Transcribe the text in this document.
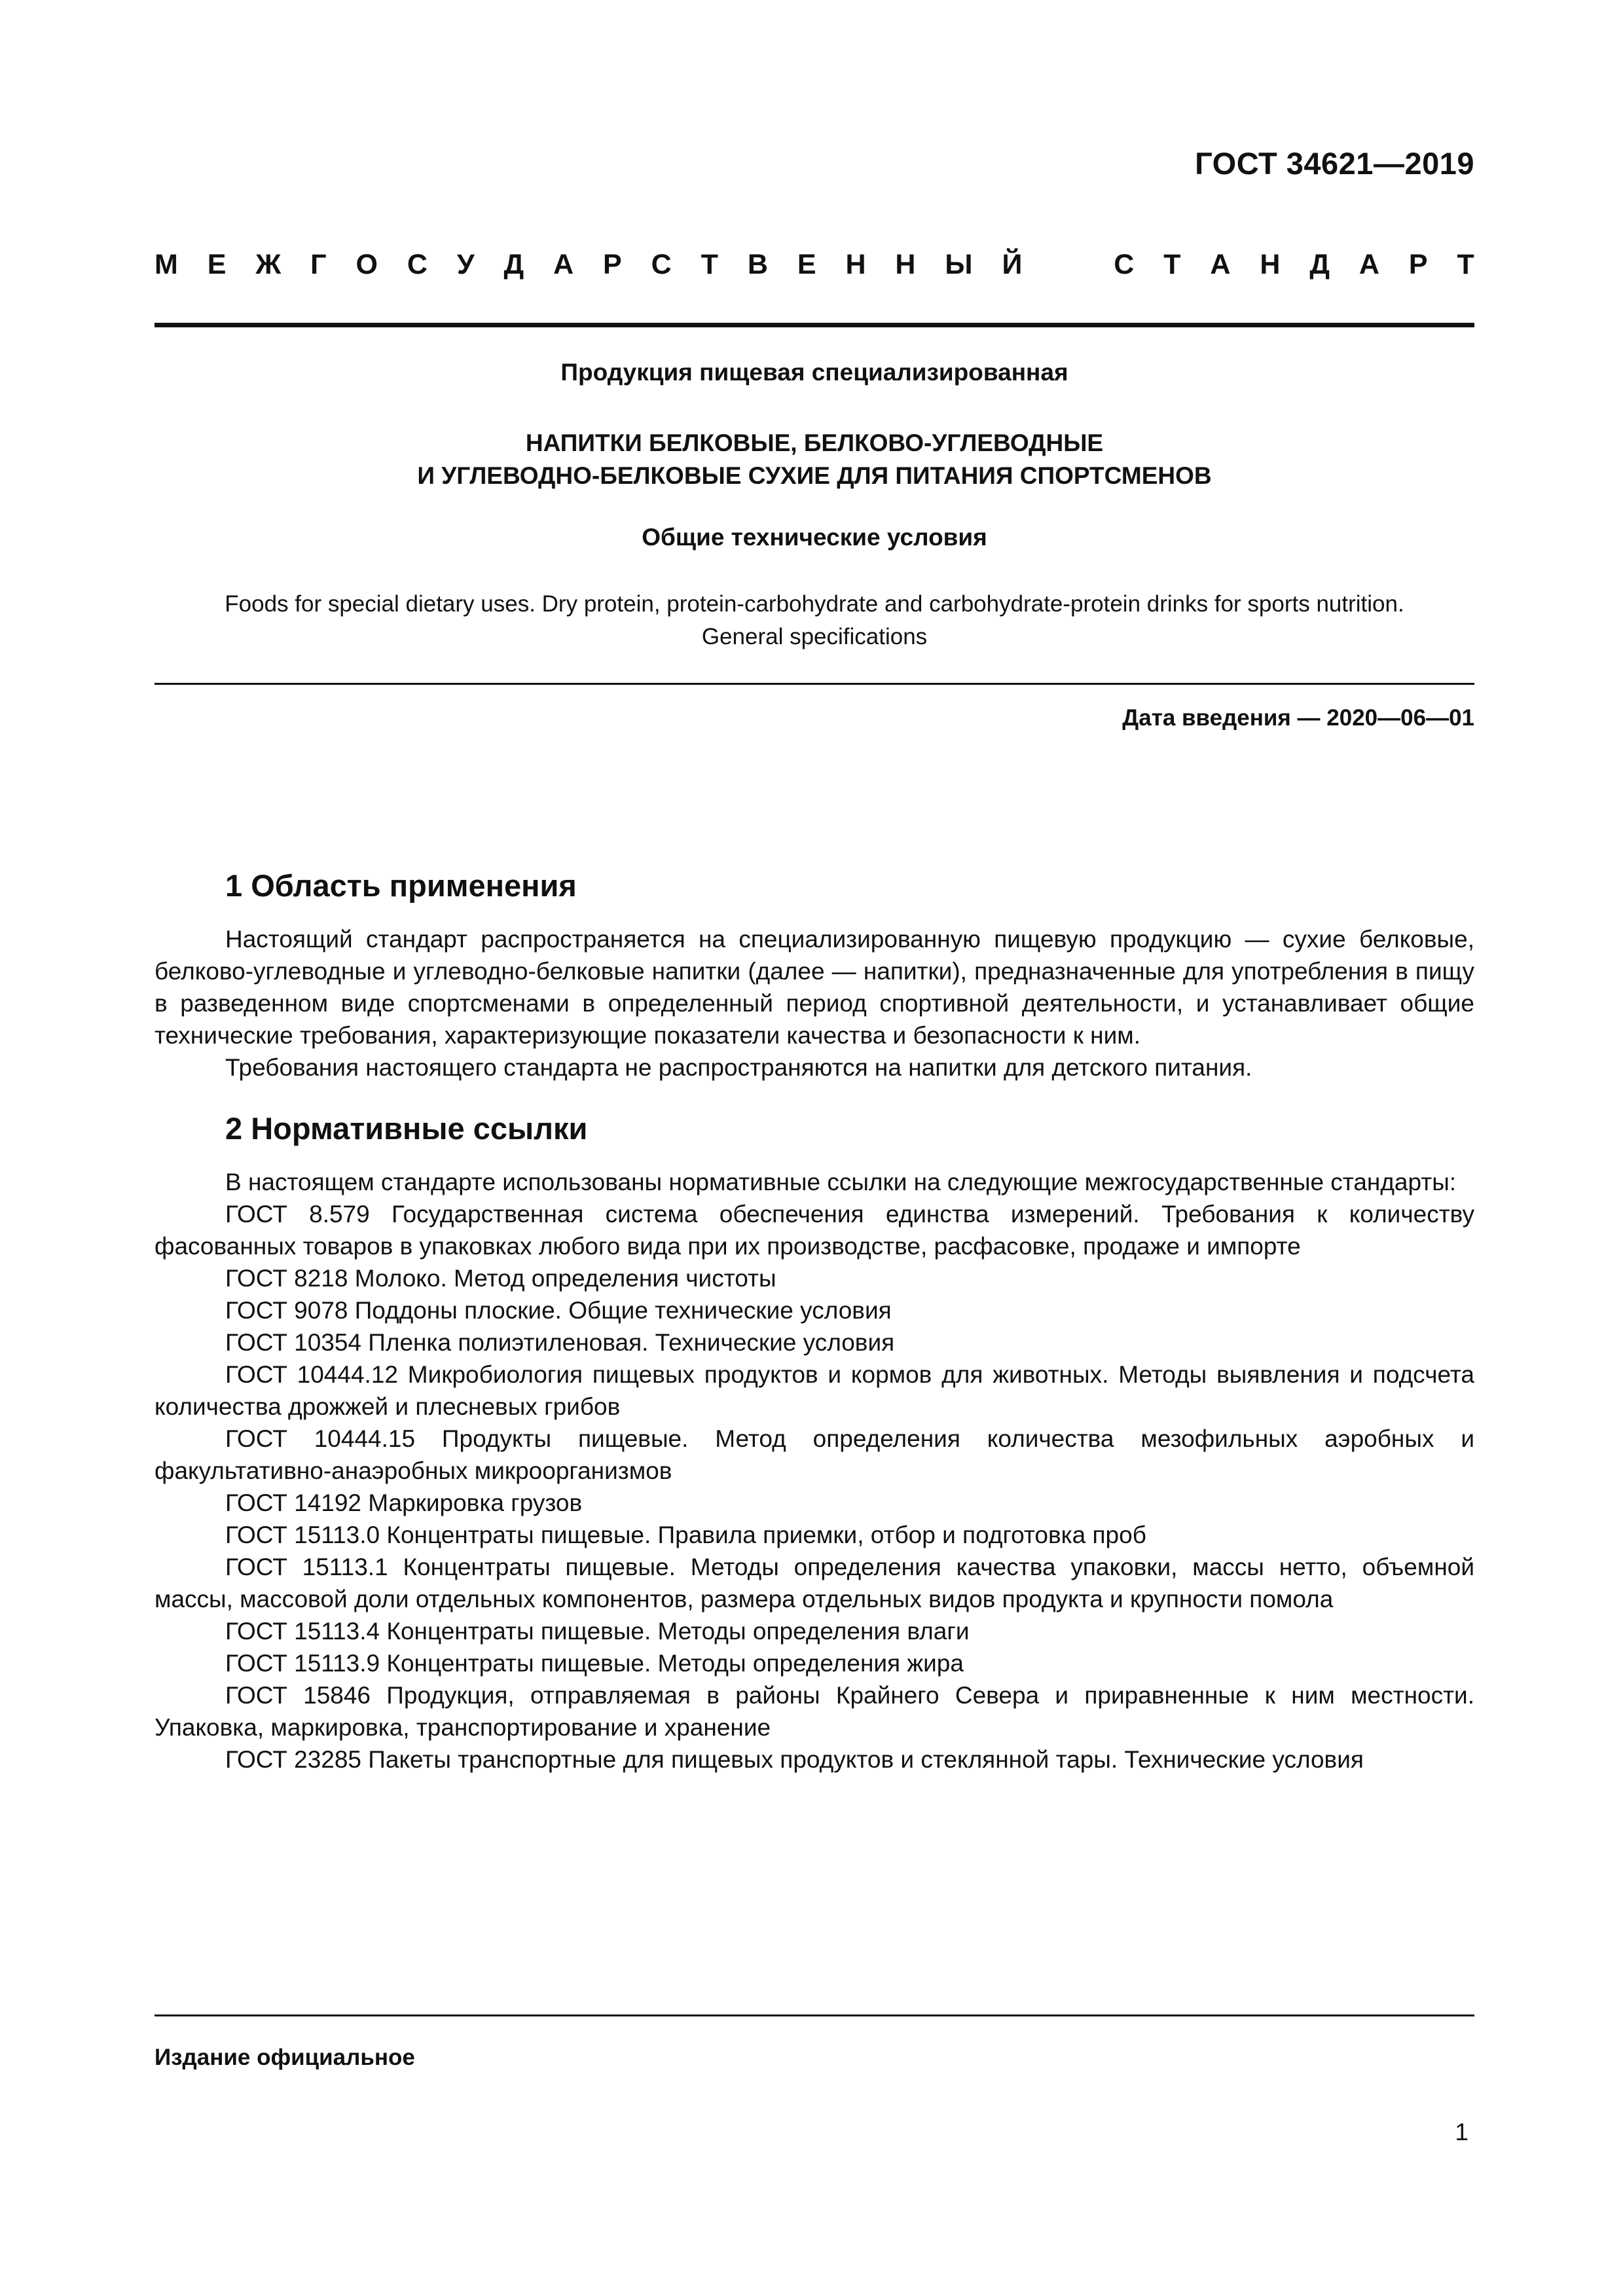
ГОСТ 34621—2019
М Е Ж Г О С У Д А Р С Т В Е Н Н Ы Й	С Т А Н Д А Р Т
Продукция пищевая специализированная
НАПИТКИ БЕЛКОВЫЕ, БЕЛКОВО-УГЛЕВОДНЫЕ
И УГЛЕВОДНО-БЕЛКОВЫЕ СУХИЕ ДЛЯ ПИТАНИЯ СПОРТСМЕНОВ
Общие технические условия
Foods for special dietary uses. Dry protein, protein-carbohydrate and carbohydrate-protein drinks for sports nutrition.
General specifications
Дата введения — 2020—06—01
1 Область применения

Настоящий стандарт распространяется на специализированную пищевую продукцию — сухие белковые, белково-углеводные и углеводно-белковые напитки (далее — напитки), предназначенные для употребления в пищу в разведенном виде спортсменами в определенный период спортивной деятельности, и устанавливает общие технические требования, характеризующие показатели качества и безопасности к ним.

Требования настоящего стандарта не распространяются на напитки для детского питания.

2 Нормативные ссылки

В настоящем стандарте использованы нормативные ссылки на следующие межгосударственные стандарты:

ГОСТ 8.579 Государственная система обеспечения единства измерений. Требования к количеству фасованных товаров в упаковках любого вида при их производстве, расфасовке, продаже и импорте

ГОСТ 8218 Молоко. Метод определения чистоты

ГОСТ 9078 Поддоны плоские. Общие технические условия

ГОСТ 10354 Пленка полиэтиленовая. Технические условия

ГОСТ 10444.12 Микробиология пищевых продуктов и кормов для животных. Методы выявления и подсчета количества дрожжей и плесневых грибов

ГОСТ 10444.15 Продукты пищевые. Метод определения количества мезофильных аэробных и факультативно-анаэробных микроорганизмов

ГОСТ 14192 Маркировка грузов

ГОСТ 15113.0 Концентраты пищевые. Правила приемки, отбор и подготовка проб

ГОСТ 15113.1 Концентраты пищевые. Методы определения качества упаковки, массы нетто, объемной массы, массовой доли отдельных компонентов, размера отдельных видов продукта и крупности помола

ГОСТ 15113.4 Концентраты пищевые. Методы определения влаги

ГОСТ 15113.9 Концентраты пищевые. Методы определения жира

ГОСТ 15846 Продукция, отправляемая в районы Крайнего Севера и приравненные к ним местности. Упаковка, маркировка, транспортирование и хранение

ГОСТ 23285 Пакеты транспортные для пищевых продуктов и стеклянной тары. Технические условия

Издание официальное
1
